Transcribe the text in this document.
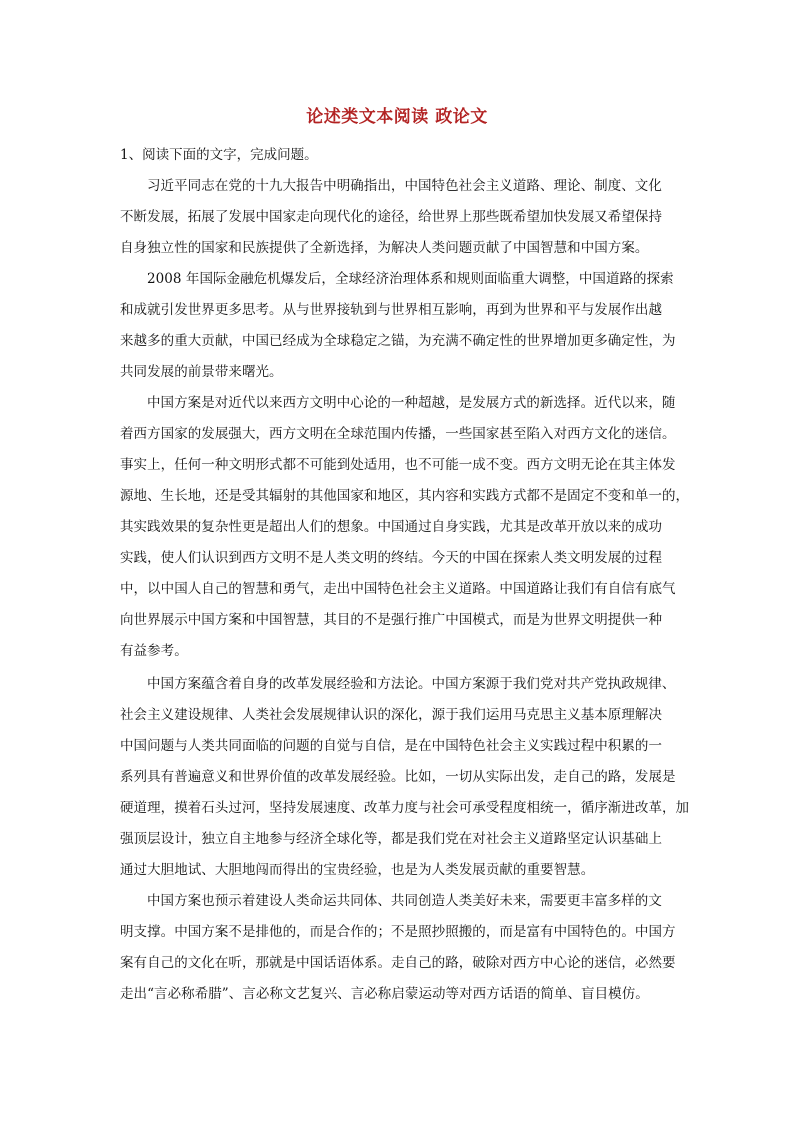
论述类文本阅读 政论文
1、阅读下面的文字，完成问题。
习近平同志在党的十九大报告中明确指出，中国特色社会主义道路、理论、制度、文化
不断发展，拓展了发展中国家走向现代化的途径，给世界上那些既希望加快发展又希望保持
自身独立性的国家和民族提供了全新选择，为解决人类问题贡献了中国智慧和中国方案。
2008 年国际金融危机爆发后，全球经济治理体系和规则面临重大调整，中国道路的探索
和成就引发世界更多思考。从与世界接轨到与世界相互影响，再到为世界和平与发展作出越
来越多的重大贡献，中国已经成为全球稳定之锚，为充满不确定性的世界增加更多确定性，为
共同发展的前景带来曙光。
中国方案是对近代以来西方文明中心论的一种超越，是发展方式的新选择。近代以来，随
着西方国家的发展强大，西方文明在全球范围内传播，一些国家甚至陷入对西方文化的迷信。
事实上，任何一种文明形式都不可能到处适用，也不可能一成不变。西方文明无论在其主体发
源地、生长地，还是受其辐射的其他国家和地区，其内容和实践方式都不是固定不变和单一的，
其实践效果的复杂性更是超出人们的想象。中国通过自身实践，尤其是改革开放以来的成功
实践，使人们认识到西方文明不是人类文明的终结。今天的中国在探索人类文明发展的过程
中，以中国人自己的智慧和勇气，走出中国特色社会主义道路。中国道路让我们有自信有底气
向世界展示中国方案和中国智慧，其目的不是强行推广中国模式，而是为世界文明提供一种
有益参考。
中国方案蕴含着自身的改革发展经验和方法论。中国方案源于我们党对共产党执政规律、
社会主义建设规律、人类社会发展规律认识的深化，源于我们运用马克思主义基本原理解决
中国问题与人类共同面临的问题的自觉与自信，是在中国特色社会主义实践过程中积累的一
系列具有普遍意义和世界价值的改革发展经验。比如，一切从实际出发，走自己的路，发展是
硬道理，摸着石头过河，坚持发展速度、改革力度与社会可承受程度相统一，循序渐进改革，加
强顶层设计，独立自主地参与经济全球化等，都是我们党在对社会主义道路坚定认识基础上
通过大胆地试、大胆地闯而得出的宝贵经验，也是为人类发展贡献的重要智慧。
中国方案也预示着建设人类命运共同体、共同创造人类美好未来，需要更丰富多样的文
明支撑。中国方案不是排他的，而是合作的；不是照抄照搬的，而是富有中国特色的。中国方
案有自己的文化在听，那就是中国话语体系。走自己的路，破除对西方中心论的迷信，必然要
走出“言必称希腊”、言必称文艺复兴、言必称启蒙运动等对西方话语的简单、盲目模仿。
